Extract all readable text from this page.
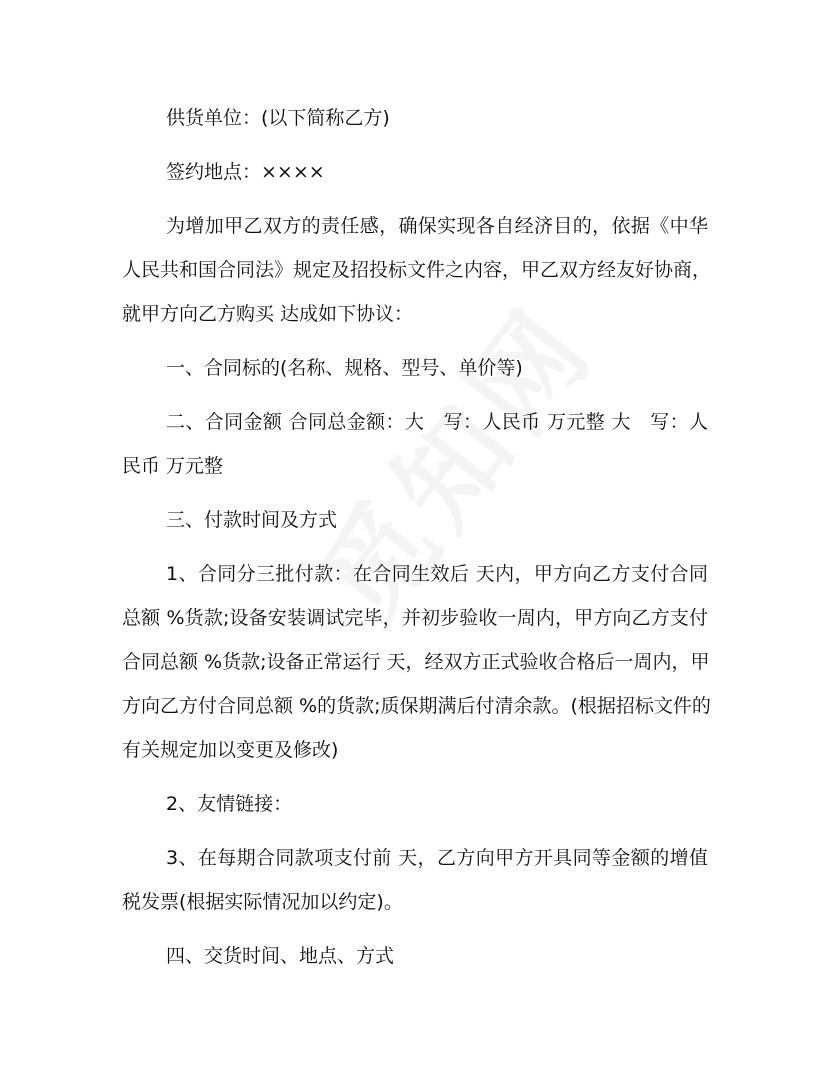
供货单位：(以下简称乙方)
签约地点：××××
为增加甲乙双方的责任感，确保实现各自经济目的，依据《中华
人民共和国合同法》规定及招投标文件之内容，甲乙双方经友好协商，
就甲方向乙方购买 达成如下协议：
一、合同标的(名称、规格、型号、单价等)
二、合同金额 合同总金额：大　写：人民币 万元整 大　写：人
民币 万元整
三、付款时间及方式
1、合同分三批付款：在合同生效后 天内，甲方向乙方支付合同
总额 %货款;设备安装调试完毕，并初步验收一周内，甲方向乙方支付
合同总额 %货款;设备正常运行 天，经双方正式验收合格后一周内，甲
方向乙方付合同总额 %的货款;质保期满后付清余款。(根据招标文件的
有关规定加以变更及修改)
2、友情链接：
3、在每期合同款项支付前 天，乙方向甲方开具同等金额的增值
税发票(根据实际情况加以约定)。
四、交货时间、地点、方式
